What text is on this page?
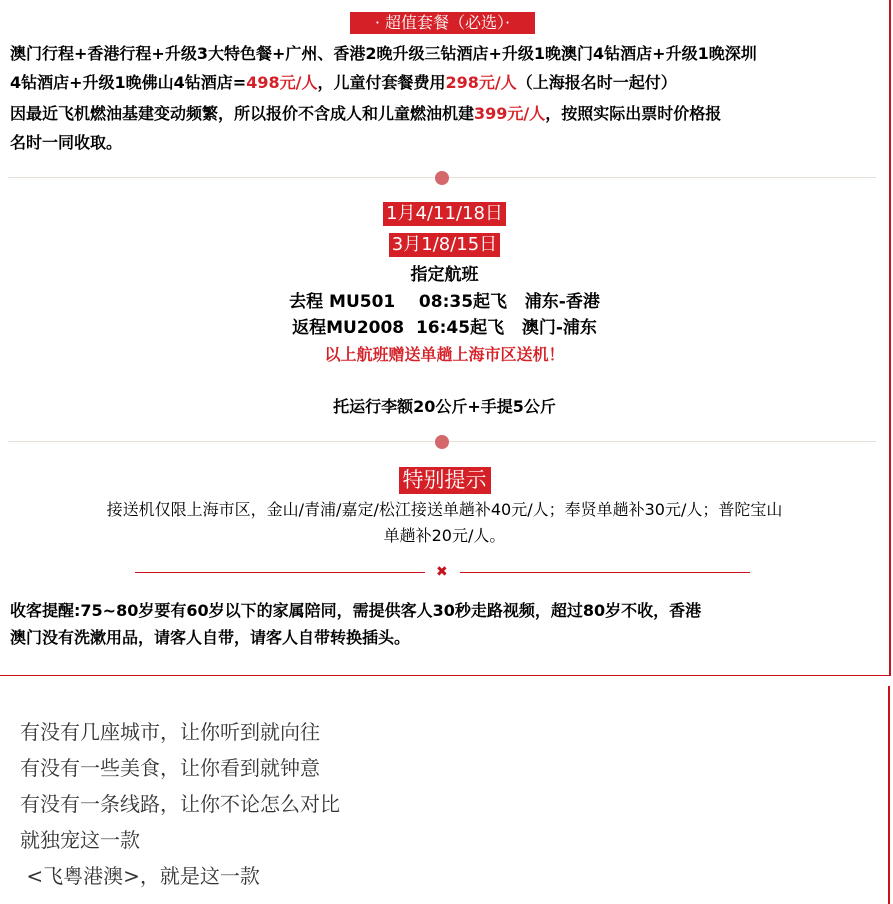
· 超值套餐（必选）·
澳门行程+香港行程+升级3大特色餐+广州、香港2晚升级三钻酒店+升级1晚澳门4钻酒店+升级1晚深圳
4钻酒店+升级1晚佛山4钻酒店=498元/人，儿童付套餐费用298元/人（上海报名时一起付）
因最近飞机燃油基建变动频繁，所以报价不含成人和儿童燃油机建399元/人，按照实际出票时价格报
名时一同收取。
1月4/11/18日
3月1/8/15日
指定航班
去程 MU501    08:35起飞   浦东-香港
返程MU2008  16:45起飞   澳门-浦东
以上航班赠送单趟上海市区送机！
托运行李额20公斤+手提5公斤
特别提示
接送机仅限上海市区，金山/青浦/嘉定/松江接送单趟补40元/人；奉贤单趟补30元/人；普陀宝山
单趟补20元/人。
✖
收客提醒:75~80岁要有60岁以下的家属陪同，需提供客人30秒走路视频，超过80岁不收，香港
澳门没有洗漱用品，请客人自带，请客人自带转换插头。
有没有几座城市，让你听到就向往
有没有一些美食，让你看到就钟意
有没有一条线路，让你不论怎么对比
就独宠这一款
<飞粤港澳>，就是这一款
